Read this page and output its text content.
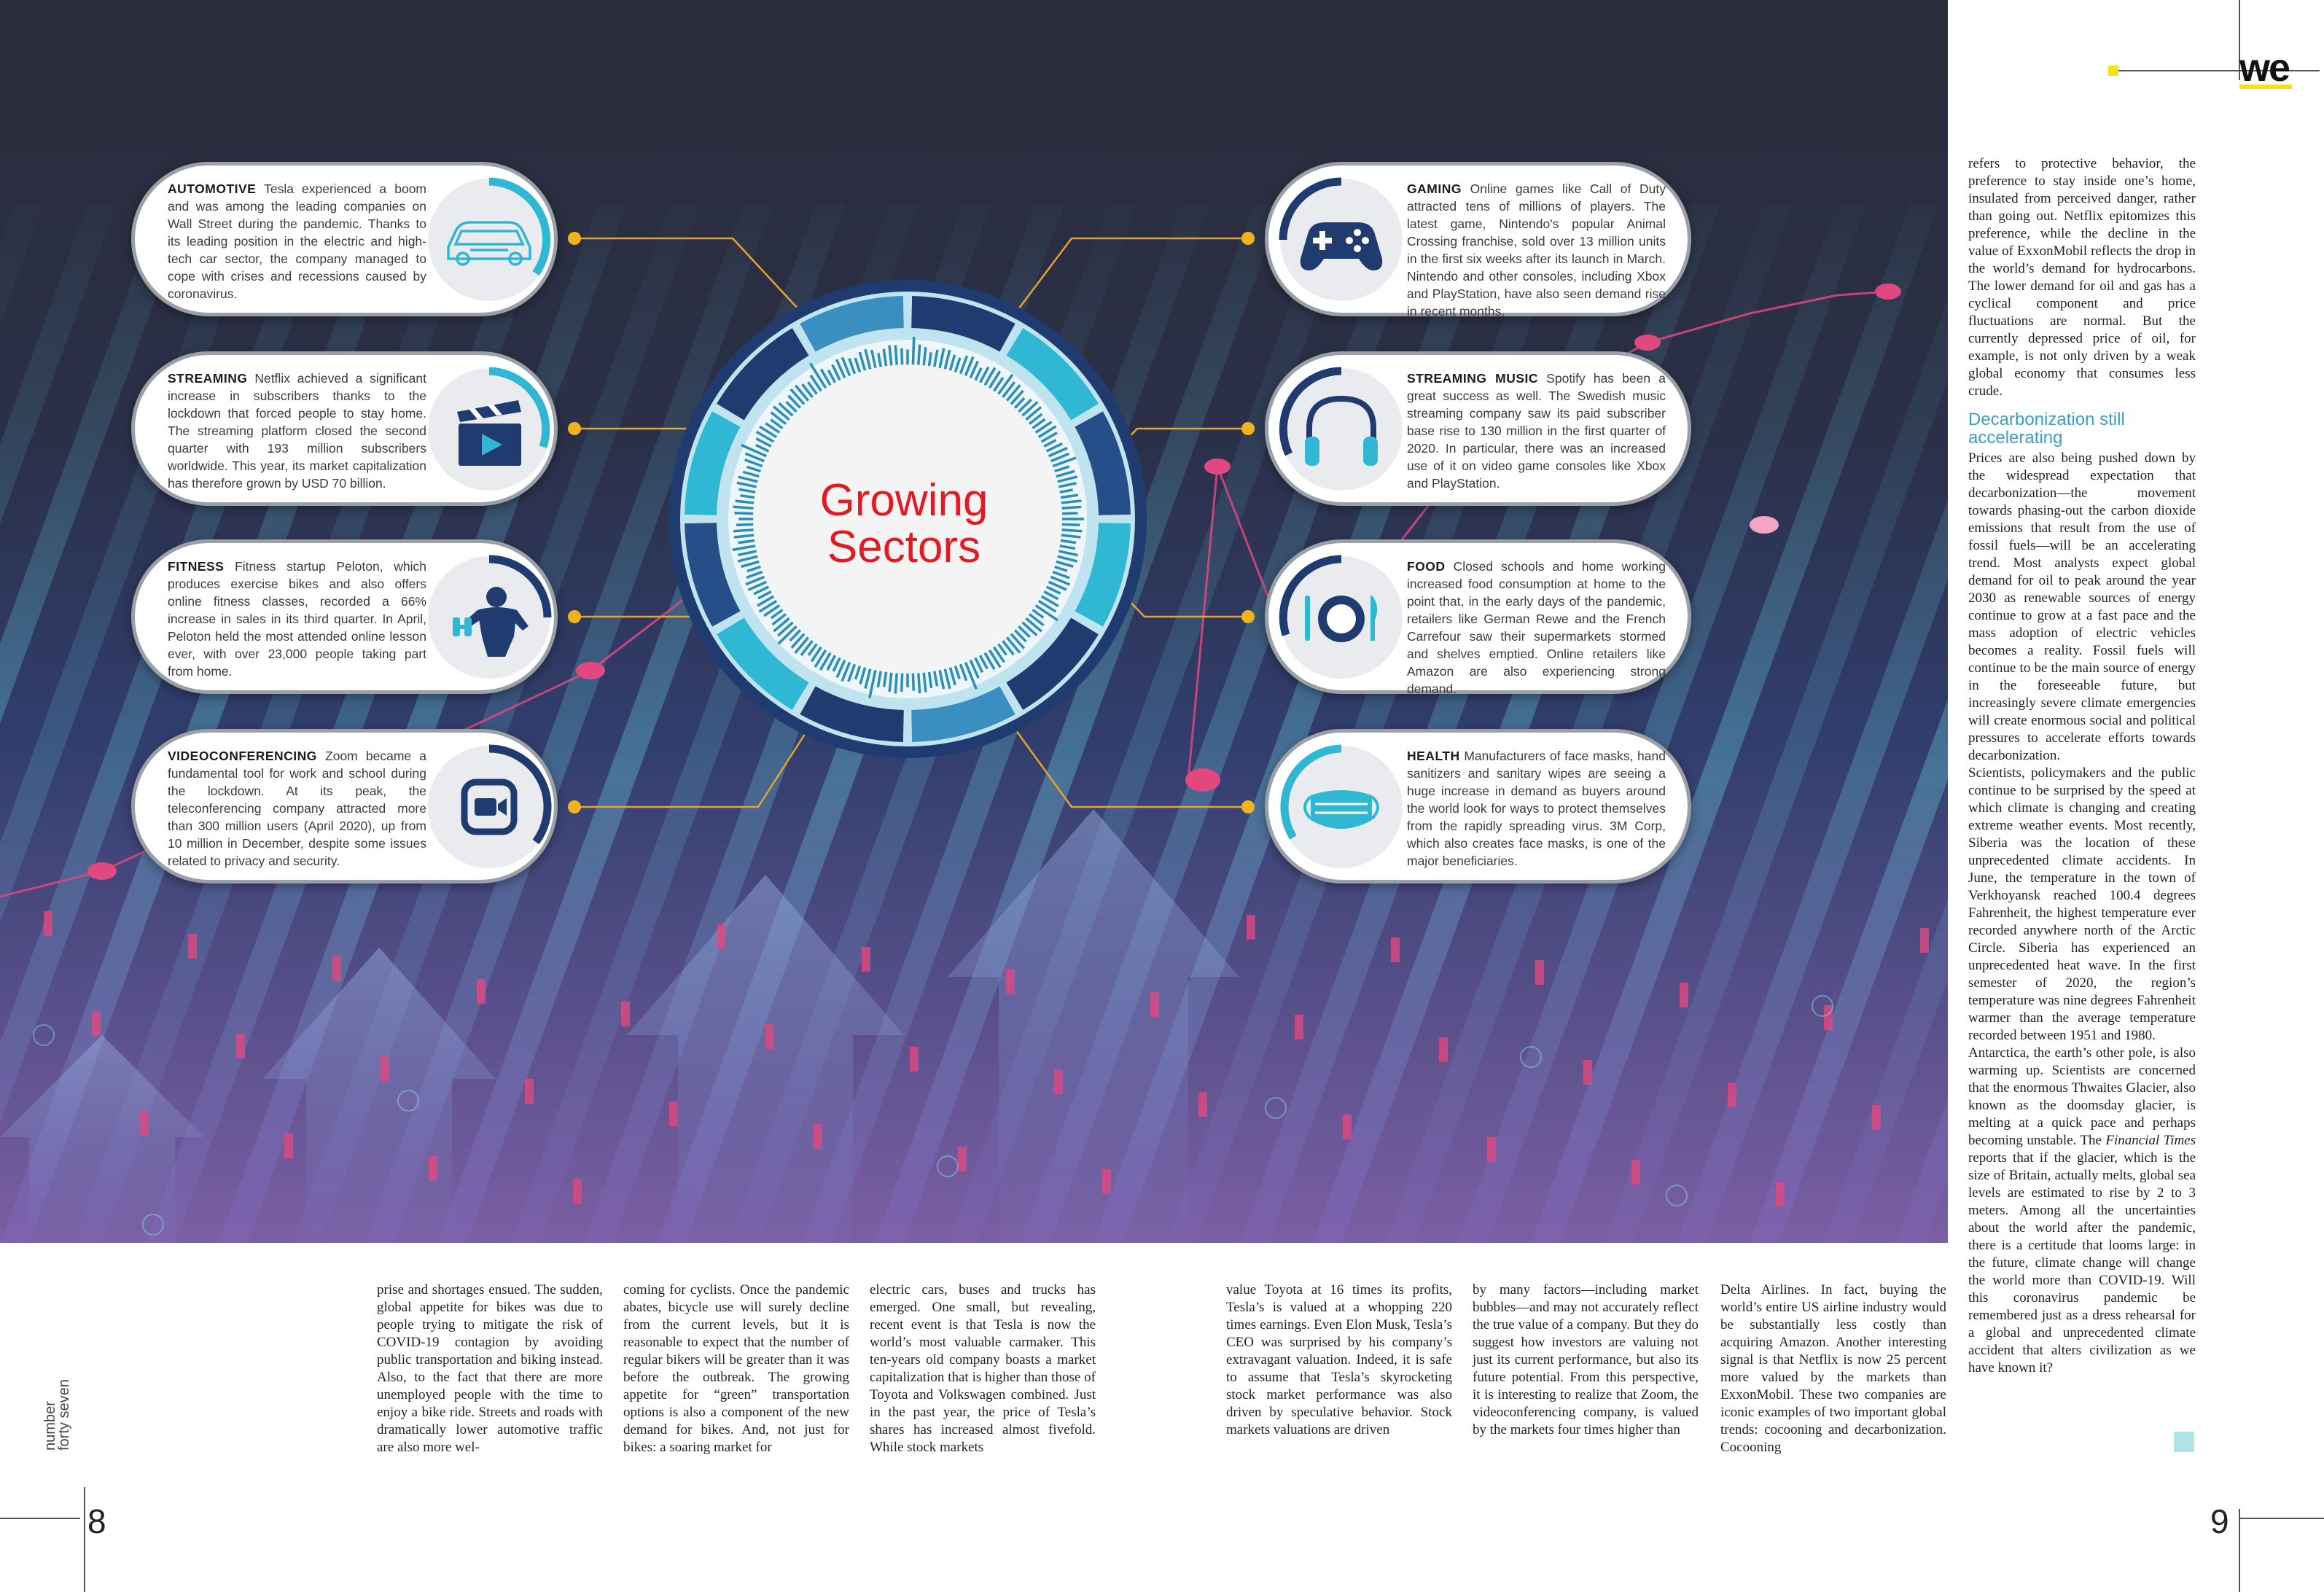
Growing
Sectors
AUTOMOTIVE Tesla experienced a boom and was among the leading companies on Wall Street during the pandemic. Thanks to its leading position in the electric and high-tech car sector, the company managed to cope with crises and recessions caused by coronavirus.
STREAMING Netflix achieved a significant increase in subscribers thanks to the lockdown that forced people to stay home. The streaming platform closed the second quarter with 193 million subscribers worldwide. This year, its market capitalization has therefore grown by USD 70 billion.
FITNESS Fitness startup Peloton, which produces exercise bikes and also offers online fitness classes, recorded a 66% increase in sales in its third quarter. In April, Peloton held the most attended online lesson ever, with over 23,000 people taking part from home.
VIDEOCONFERENCING Zoom became a fundamental tool for work and school during the lockdown. At its peak, the teleconferencing company attracted more than 300 million users (April 2020), up from 10 million in December, despite some issues related to privacy and security.
GAMING Online games like Call of Duty attracted tens of millions of players. The latest game, Nintendo's popular Animal Crossing franchise, sold over 13 million units in the first six weeks after its launch in March. Nintendo and other consoles, including Xbox and PlayStation, have also seen demand rise in recent months.
STREAMING MUSIC Spotify has been a great success as well. The Swedish music streaming company saw its paid subscriber base rise to 130 million in the first quarter of 2020. In particular, there was an increased use of it on video game consoles like Xbox and PlayStation.
FOOD Closed schools and home working increased food consumption at home to the point that, in the early days of the pandemic, retailers like German Rewe and the French Carrefour saw their supermarkets stormed and shelves emptied. Online retailers like Amazon are also experiencing strong demand.
HEALTH Manufacturers of face masks, hand sanitizers and sanitary wipes are seeing a huge increase in demand as buyers around the world look for ways to protect themselves from the rapidly spreading virus. 3M Corp, which also creates face masks, is one of the major beneficiaries.
we
number
forty seven
8	9
prise and shortages ensued. The sudden, global appetite for bikes was due to people trying to mitigate the risk of COVID-19 contagion by avoiding public transportation and biking instead. Also, to the fact that there are more unemployed people with the time to enjoy a bike ride. Streets and roads with dramatically lower automotive traffic are also more wel-
coming for cyclists. Once the pandemic abates, bicycle use will surely decline from the current levels, but it is reasonable to expect that the number of regular bikers will be greater than it was before the outbreak. The growing appetite for “green” transportation options is also a component of the new demand for bikes. And, not just for bikes: a soaring market for
electric cars, buses and trucks has emerged. One small, but revealing, recent event is that Tesla is now the world’s most valuable carmaker. This ten-years old company boasts a market capitalization that is higher than those of Toyota and Volkswagen combined. Just in the past year, the price of Tesla’s shares has increased almost fivefold. While stock markets
value Toyota at 16 times its profits, Tesla’s is valued at a whopping 220 times earnings. Even Elon Musk, Tesla’s CEO was surprised by his company’s extravagant valuation. Indeed, it is safe to assume that Tesla’s skyrocketing stock market performance was also driven by speculative behavior. Stock markets valuations are driven
by many factors—including market bubbles—and may not accurately reflect the true value of a company. But they do suggest how investors are valuing not just its current performance, but also its future potential. From this perspective, it is interesting to realize that Zoom, the videoconferencing company, is valued by the markets four times higher than
Delta Airlines. In fact, buying the world’s entire US airline industry would be substantially less costly than acquiring Amazon. Another interesting signal is that Netflix is now 25 percent more valued by the markets than ExxonMobil. These two companies are iconic examples of two important global trends: cocooning and decarbonization. Cocooning

refers to protective behavior, the preference to stay inside one’s home, insulated from perceived danger, rather than going out. Netflix epitomizes this preference, while the decline in the value of ExxonMobil reflects the drop in the world’s demand for hydrocarbons. The lower demand for oil and gas has a cyclical component and price fluctuations are normal. But the currently depressed price of oil, for example, is not only driven by a weak global economy that consumes less crude.

Decarbonization still accelerating

Prices are also being pushed down by the widespread expectation that decarbonization—the movement towards phasing-out the carbon dioxide emissions that result from the use of fossil fuels—will be an accelerating trend. Most analysts expect global demand for oil to peak around the year 2030 as renewable sources of energy continue to grow at a fast pace and the mass adoption of electric vehicles becomes a reality. Fossil fuels will continue to be the main source of energy in the foreseeable future, but increasingly severe climate emergencies will create enormous social and political pressures to accelerate efforts towards decarbonization.

Scientists, policymakers and the public continue to be surprised by the speed at which climate is changing and creating extreme weather events. Most recently, Siberia was the location of these unprecedented climate accidents. In June, the temperature in the town of Verkhoyansk reached 100.4 degrees Fahrenheit, the highest temperature ever recorded anywhere north of the Arctic Circle. Siberia has experienced an unprecedented heat wave. In the first semester of 2020, the region’s temperature was nine degrees Fahrenheit warmer than the average temperature recorded between 1951 and 1980.

Antarctica, the earth’s other pole, is also warming up. Scientists are concerned that the enormous Thwaites Glacier, also known as the doomsday glacier, is melting at a quick pace and perhaps becoming unstable. The Financial Times reports that if the glacier, which is the size of Britain, actually melts, global sea levels are estimated to rise by 2 to 3 meters. Among all the uncertainties about the world after the pandemic, there is a certitude that looms large: in the future, climate change will change the world more than COVID-19. Will this coronavirus pandemic be remembered just as a dress rehearsal for a global and unprecedented climate accident that alters civilization as we have known it?
